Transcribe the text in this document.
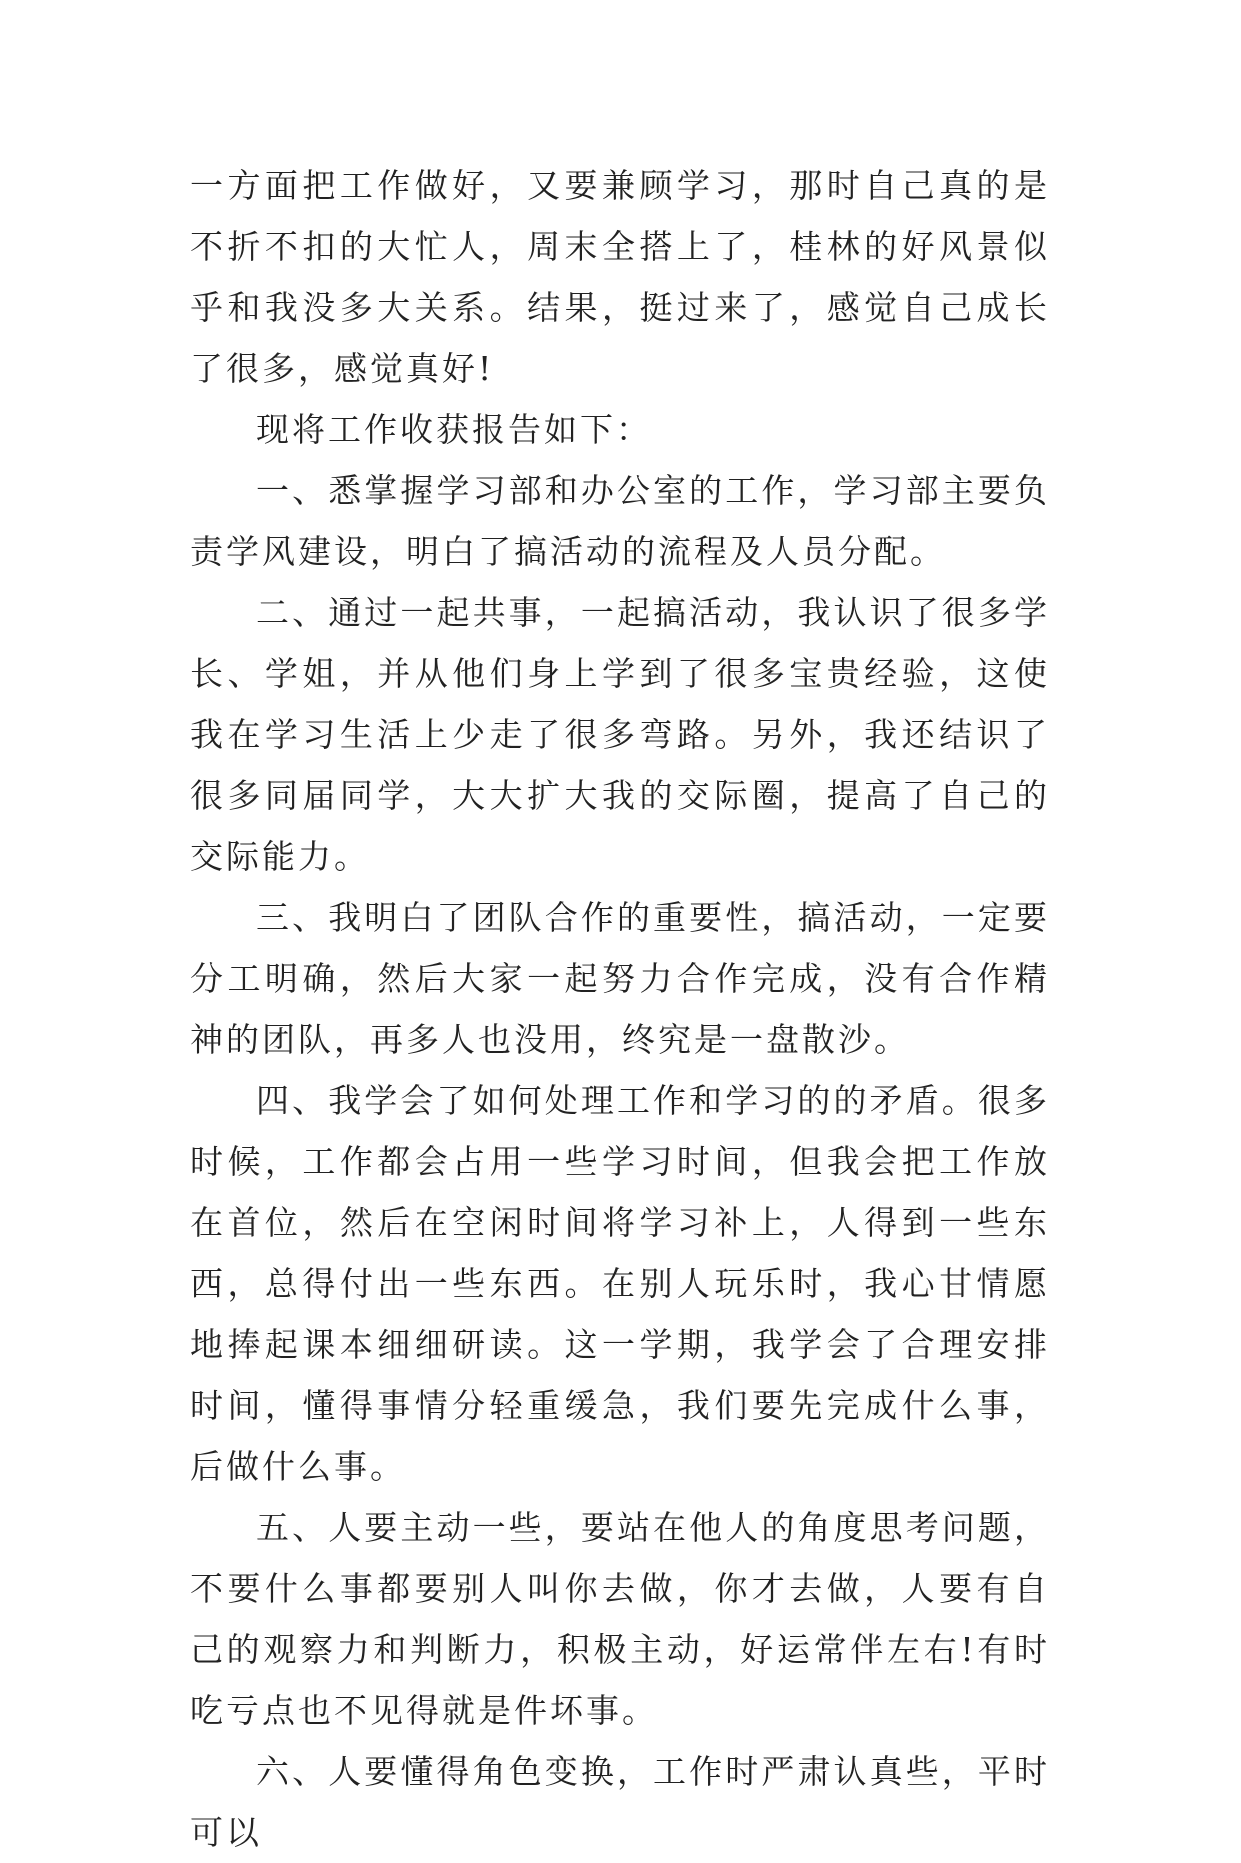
一方面把工作做好，又要兼顾学习，那时自己真的是不折不扣的大忙人，周末全搭上了，桂林的好风景似乎和我没多大关系。结果，挺过来了，感觉自己成长了很多，感觉真好!

现将工作收获报告如下：

一、悉掌握学习部和办公室的工作，学习部主要负责学风建设，明白了搞活动的流程及人员分配。

二、通过一起共事，一起搞活动，我认识了很多学长、学姐，并从他们身上学到了很多宝贵经验，这使我在学习生活上少走了很多弯路。另外，我还结识了很多同届同学，大大扩大我的交际圈，提高了自己的交际能力。

三、我明白了团队合作的重要性，搞活动，一定要分工明确，然后大家一起努力合作完成，没有合作精神的团队，再多人也没用，终究是一盘散沙。

四、我学会了如何处理工作和学习的的矛盾。很多时候，工作都会占用一些学习时间，但我会把工作放在首位，然后在空闲时间将学习补上，人得到一些东西，总得付出一些东西。在别人玩乐时，我心甘情愿地捧起课本细细研读。这一学期，我学会了合理安排时间，懂得事情分轻重缓急，我们要先完成什么事，后做什么事。

五、人要主动一些，要站在他人的角度思考问题，不要什么事都要别人叫你去做，你才去做，人要有自己的观察力和判断力，积极主动，好运常伴左右!有时吃亏点也不见得就是件坏事。

六、人要懂得角色变换，工作时严肃认真些，平时可以
